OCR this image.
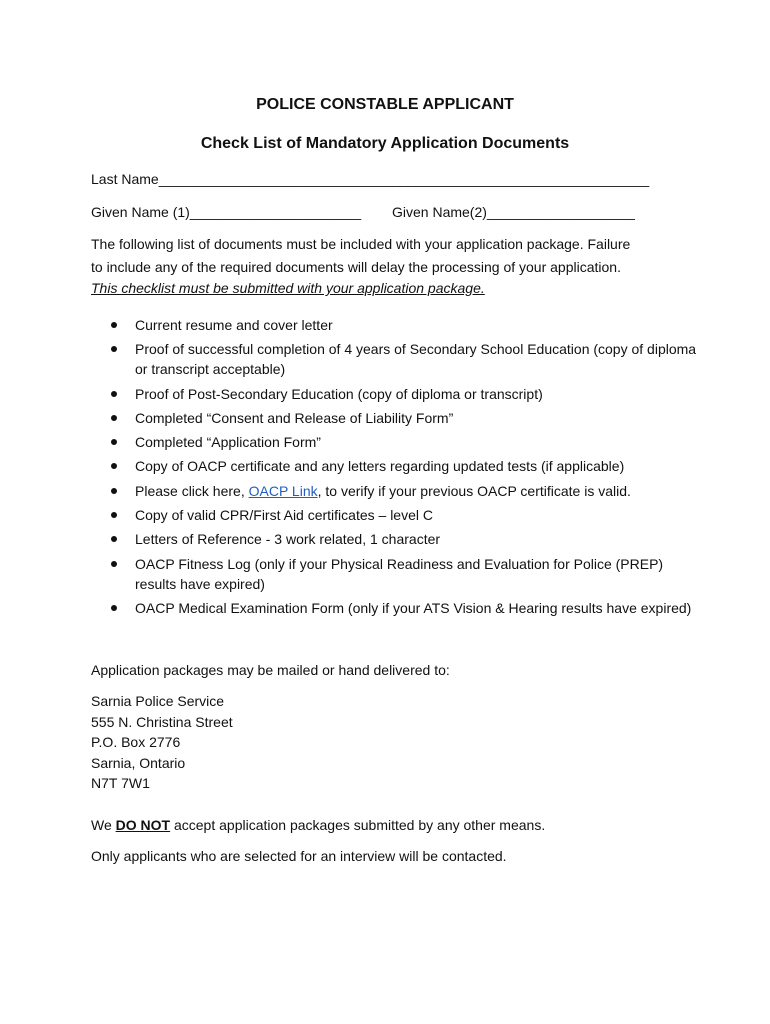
POLICE CONSTABLE APPLICANT
Check List of Mandatory Application Documents
Last Name_______________________________________________________________
Given Name (1)______________________ Given Name(2)___________________
The following list of documents must be included with your application package. Failure
to include any of the required documents will delay the processing of your application.
This checklist must be submitted with your application package.
Current resume and cover letter
Proof of successful completion of 4 years of Secondary School Education (copy of diploma or transcript acceptable)
Proof of Post-Secondary Education (copy of diploma or transcript)
Completed “Consent and Release of Liability Form”
Completed “Application Form”
Copy of OACP certificate and any letters regarding updated tests (if applicable)
Please click here, OACP Link, to verify if your previous OACP certificate is valid.
Copy of valid CPR/First Aid certificates – level C
Letters of Reference - 3 work related, 1 character
OACP Fitness Log (only if your Physical Readiness and Evaluation for Police (PREP) results have expired)
OACP Medical Examination Form (only if your ATS Vision & Hearing results have expired)
Application packages may be mailed or hand delivered to:
Sarnia Police Service
555 N. Christina Street
P.O. Box 2776
Sarnia, Ontario
N7T 7W1
We DO NOT accept application packages submitted by any other means.
Only applicants who are selected for an interview will be contacted.
